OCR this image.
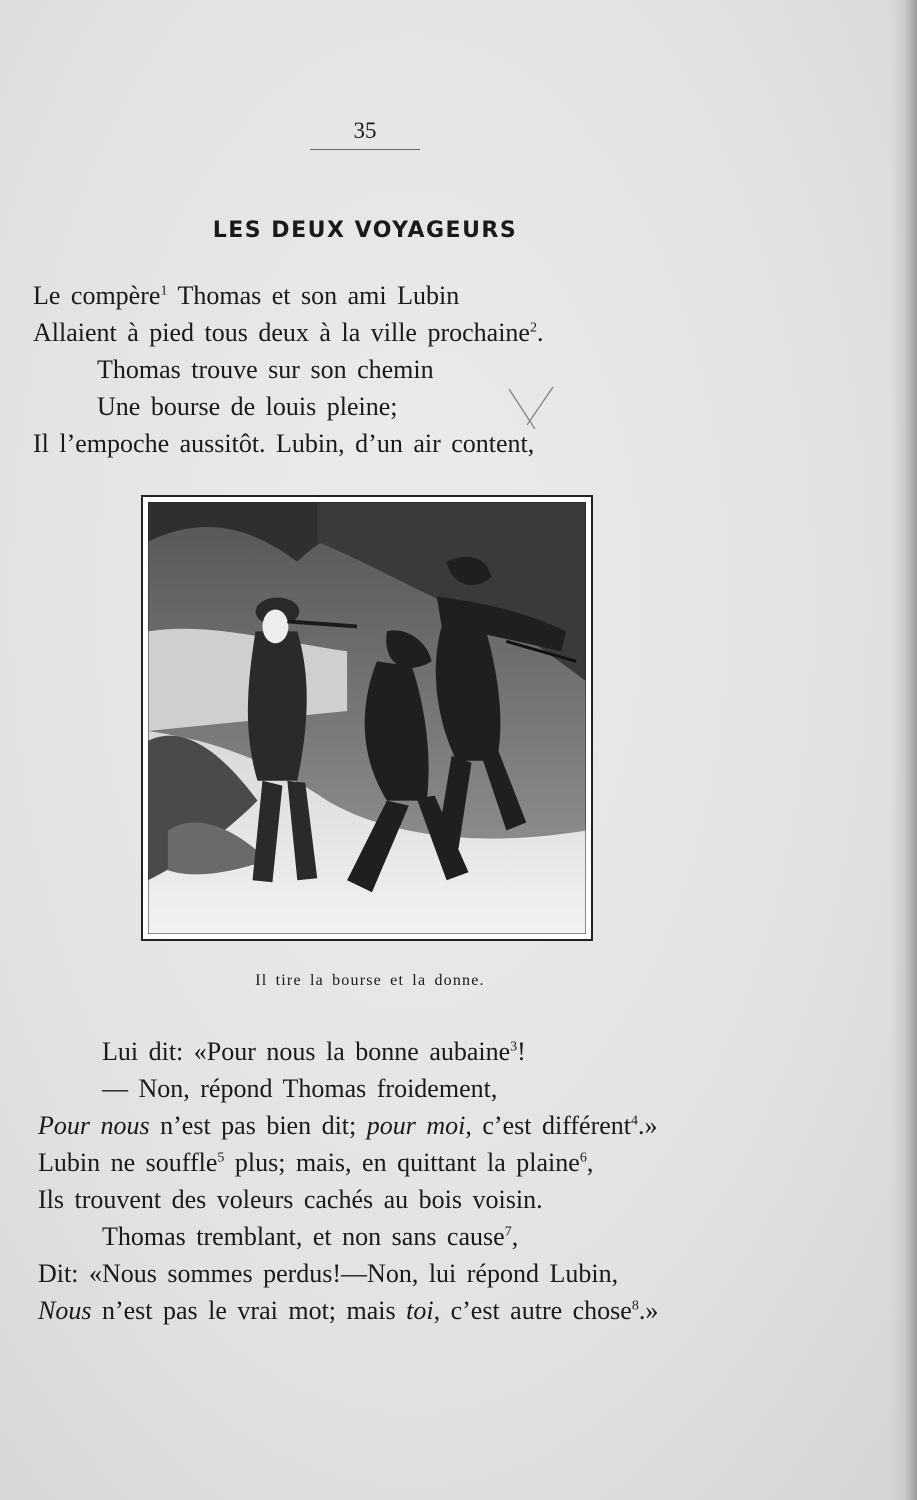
35
LES DEUX VOYAGEURS
Le compère$^1$ Thomas et son ami Lubin
Allaient à pied tous deux à la ville prochaine$^2$.
Thomas trouve sur son chemin
Une bourse de louis pleine;
Il l’empoche aussitôt. Lubin, d’un air content,
Il tire la bourse et la donne.
Lui dit: «Pour nous la bonne aubaine$^3$!
— Non, répond Thomas froidement,
Pour nous n’est pas bien dit; pour moi, c’est différent$^4$.»
Lubin ne souffle$^5$ plus; mais, en quittant la plaine$^6$,
Ils trouvent des voleurs cachés au bois voisin.
Thomas tremblant, et non sans cause$^7$,
Dit: «Nous sommes perdus!—Non, lui répond Lubin,
Nous n’est pas le vrai mot; mais toi, c’est autre chose$^8$.»
